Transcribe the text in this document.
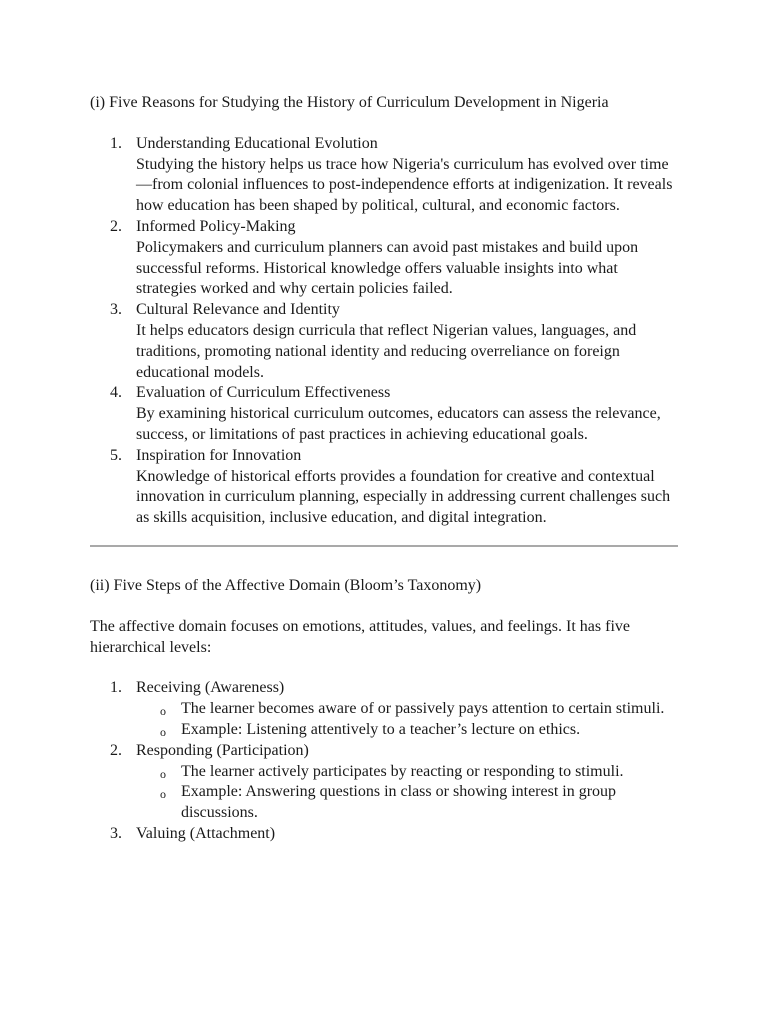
(i) Five Reasons for Studying the History of Curriculum Development in Nigeria

1. Understanding Educational Evolution
Studying the history helps us trace how Nigeria's curriculum has evolved over time—from colonial influences to post-independence efforts at indigenization. It reveals how education has been shaped by political, cultural, and economic factors.
2. Informed Policy-Making
Policymakers and curriculum planners can avoid past mistakes and build upon successful reforms. Historical knowledge offers valuable insights into what strategies worked and why certain policies failed.
3. Cultural Relevance and Identity
It helps educators design curricula that reflect Nigerian values, languages, and traditions, promoting national identity and reducing overreliance on foreign educational models.
4. Evaluation of Curriculum Effectiveness
By examining historical curriculum outcomes, educators can assess the relevance, success, or limitations of past practices in achieving educational goals.
5. Inspiration for Innovation
Knowledge of historical efforts provides a foundation for creative and contextual innovation in curriculum planning, especially in addressing current challenges such as skills acquisition, inclusive education, and digital integration.

(ii) Five Steps of the Affective Domain (Bloom’s Taxonomy)

The affective domain focuses on emotions, attitudes, values, and feelings. It has five hierarchical levels:

1. Receiving (Awareness)
o The learner becomes aware of or passively pays attention to certain stimuli.
o Example: Listening attentively to a teacher’s lecture on ethics.
2. Responding (Participation)
o The learner actively participates by reacting or responding to stimuli.
o Example: Answering questions in class or showing interest in group discussions.
3. Valuing (Attachment)
